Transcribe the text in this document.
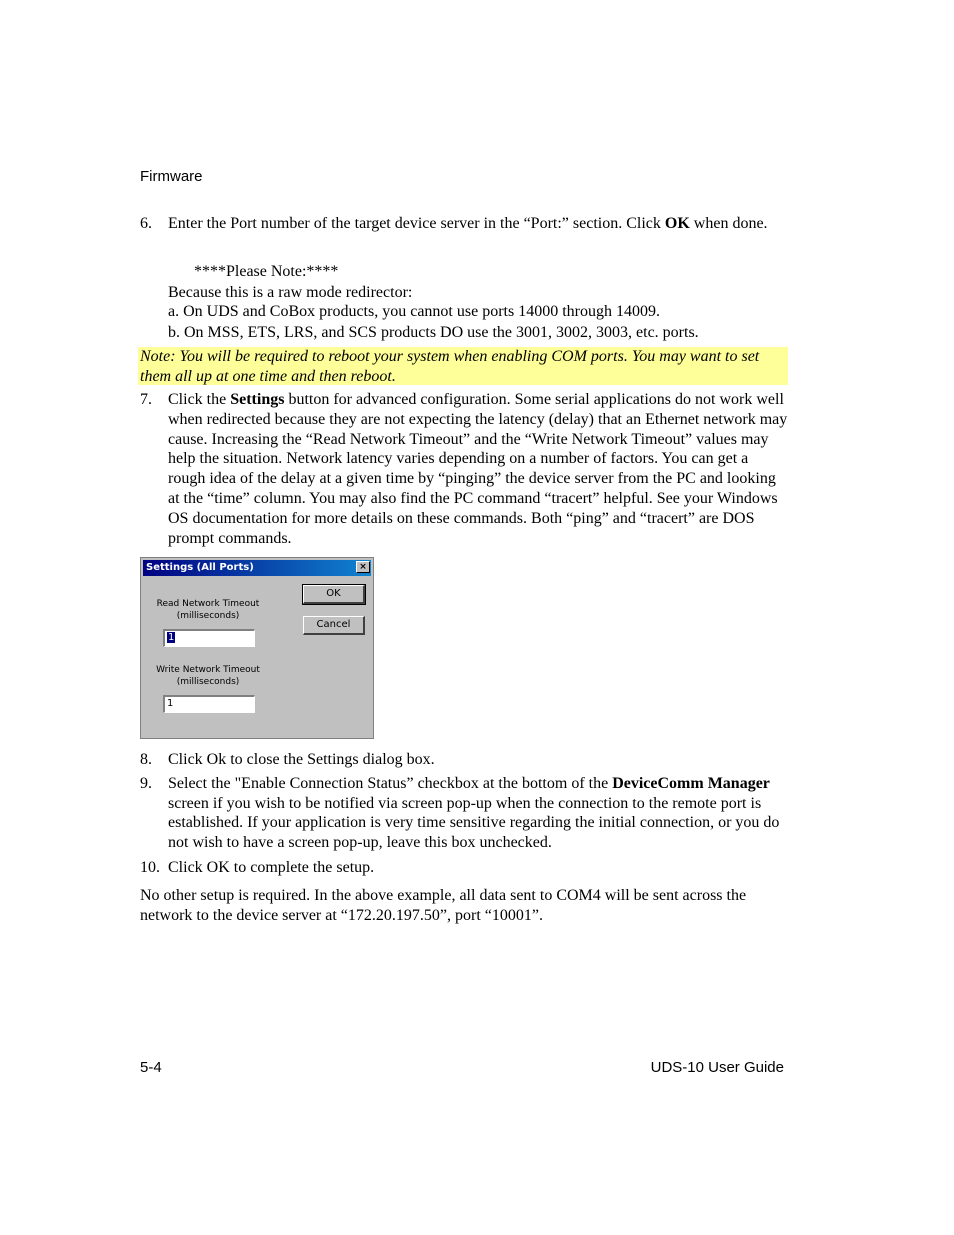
Firmware
6. Enter the Port number of the target device server in the “Port:” section. Click OK when done.
****Please Note:****
Because this is a raw mode redirector:
a. On UDS and CoBox products, you cannot use ports 14000 through 14009.
b. On MSS, ETS, LRS, and SCS products DO use the 3001, 3002, 3003, etc. ports.
Note: You will be required to reboot your system when enabling COM ports. You may want to set them all up at one time and then reboot.
7. Click the Settings button for advanced configuration. Some serial applications do not work well when redirected because they are not expecting the latency (delay) that an Ethernet network may cause. Increasing the “Read Network Timeout” and the “Write Network Timeout” values may help the situation. Network latency varies depending on a number of factors. You can get a rough idea of the delay at a given time by “pinging” the device server from the PC and looking at the “time” column. You may also find the PC command “tracert” helpful. See your Windows OS documentation for more details on these commands. Both “ping” and “tracert” are DOS prompt commands.
Settings (All Ports)	×
Read Network Timeout
(milliseconds)
1
Write Network Timeout
(milliseconds)
1
OK
Cancel
8. Click Ok to close the Settings dialog box.
9. Select the "Enable Connection Status” checkbox at the bottom of the DeviceComm Manager screen if you wish to be notified via screen pop-up when the connection to the remote port is established. If your application is very time sensitive regarding the initial connection, or you do not wish to have a screen pop-up, leave this box unchecked.
10. Click OK to complete the setup.
No other setup is required. In the above example, all data sent to COM4 will be sent across the network to the device server at “172.20.197.50”, port “10001”.
5-4	UDS-10 User Guide
